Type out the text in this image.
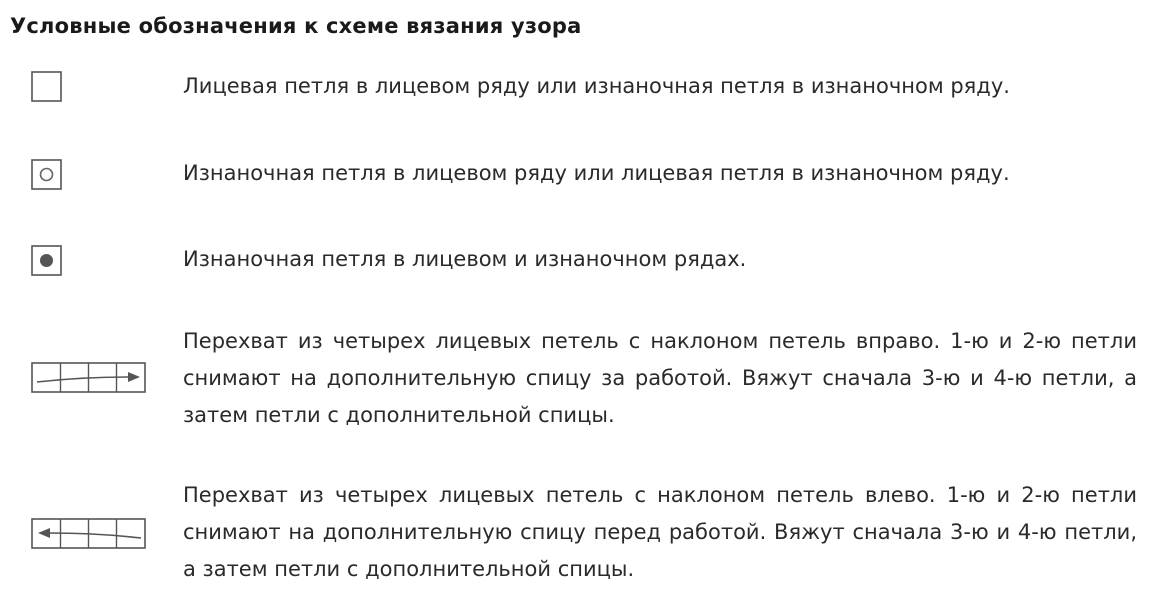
Условные обозначения к схеме вязания узора

Лицевая петля в лицевом ряду или изнаночная петля в изнаночном ряду.

Изнаночная петля в лицевом ряду или лицевая петля в изнаночном ряду.

Изнаночная петля в лицевом и изнаночном рядах.

Перехват из четырех лицевых петель с наклоном петель вправо. 1-ю и 2-ю петли снимают на дополнительную спицу за работой. Вяжут сначала 3-ю и 4-ю петли, а затем петли с дополнительной спицы.

Перехват из четырех лицевых петель с наклоном петель влево. 1-ю и 2-ю петли снимают на дополнительную спицу перед работой. Вяжут сначала 3-ю и 4-ю петли, а затем петли с дополнительной спицы.
